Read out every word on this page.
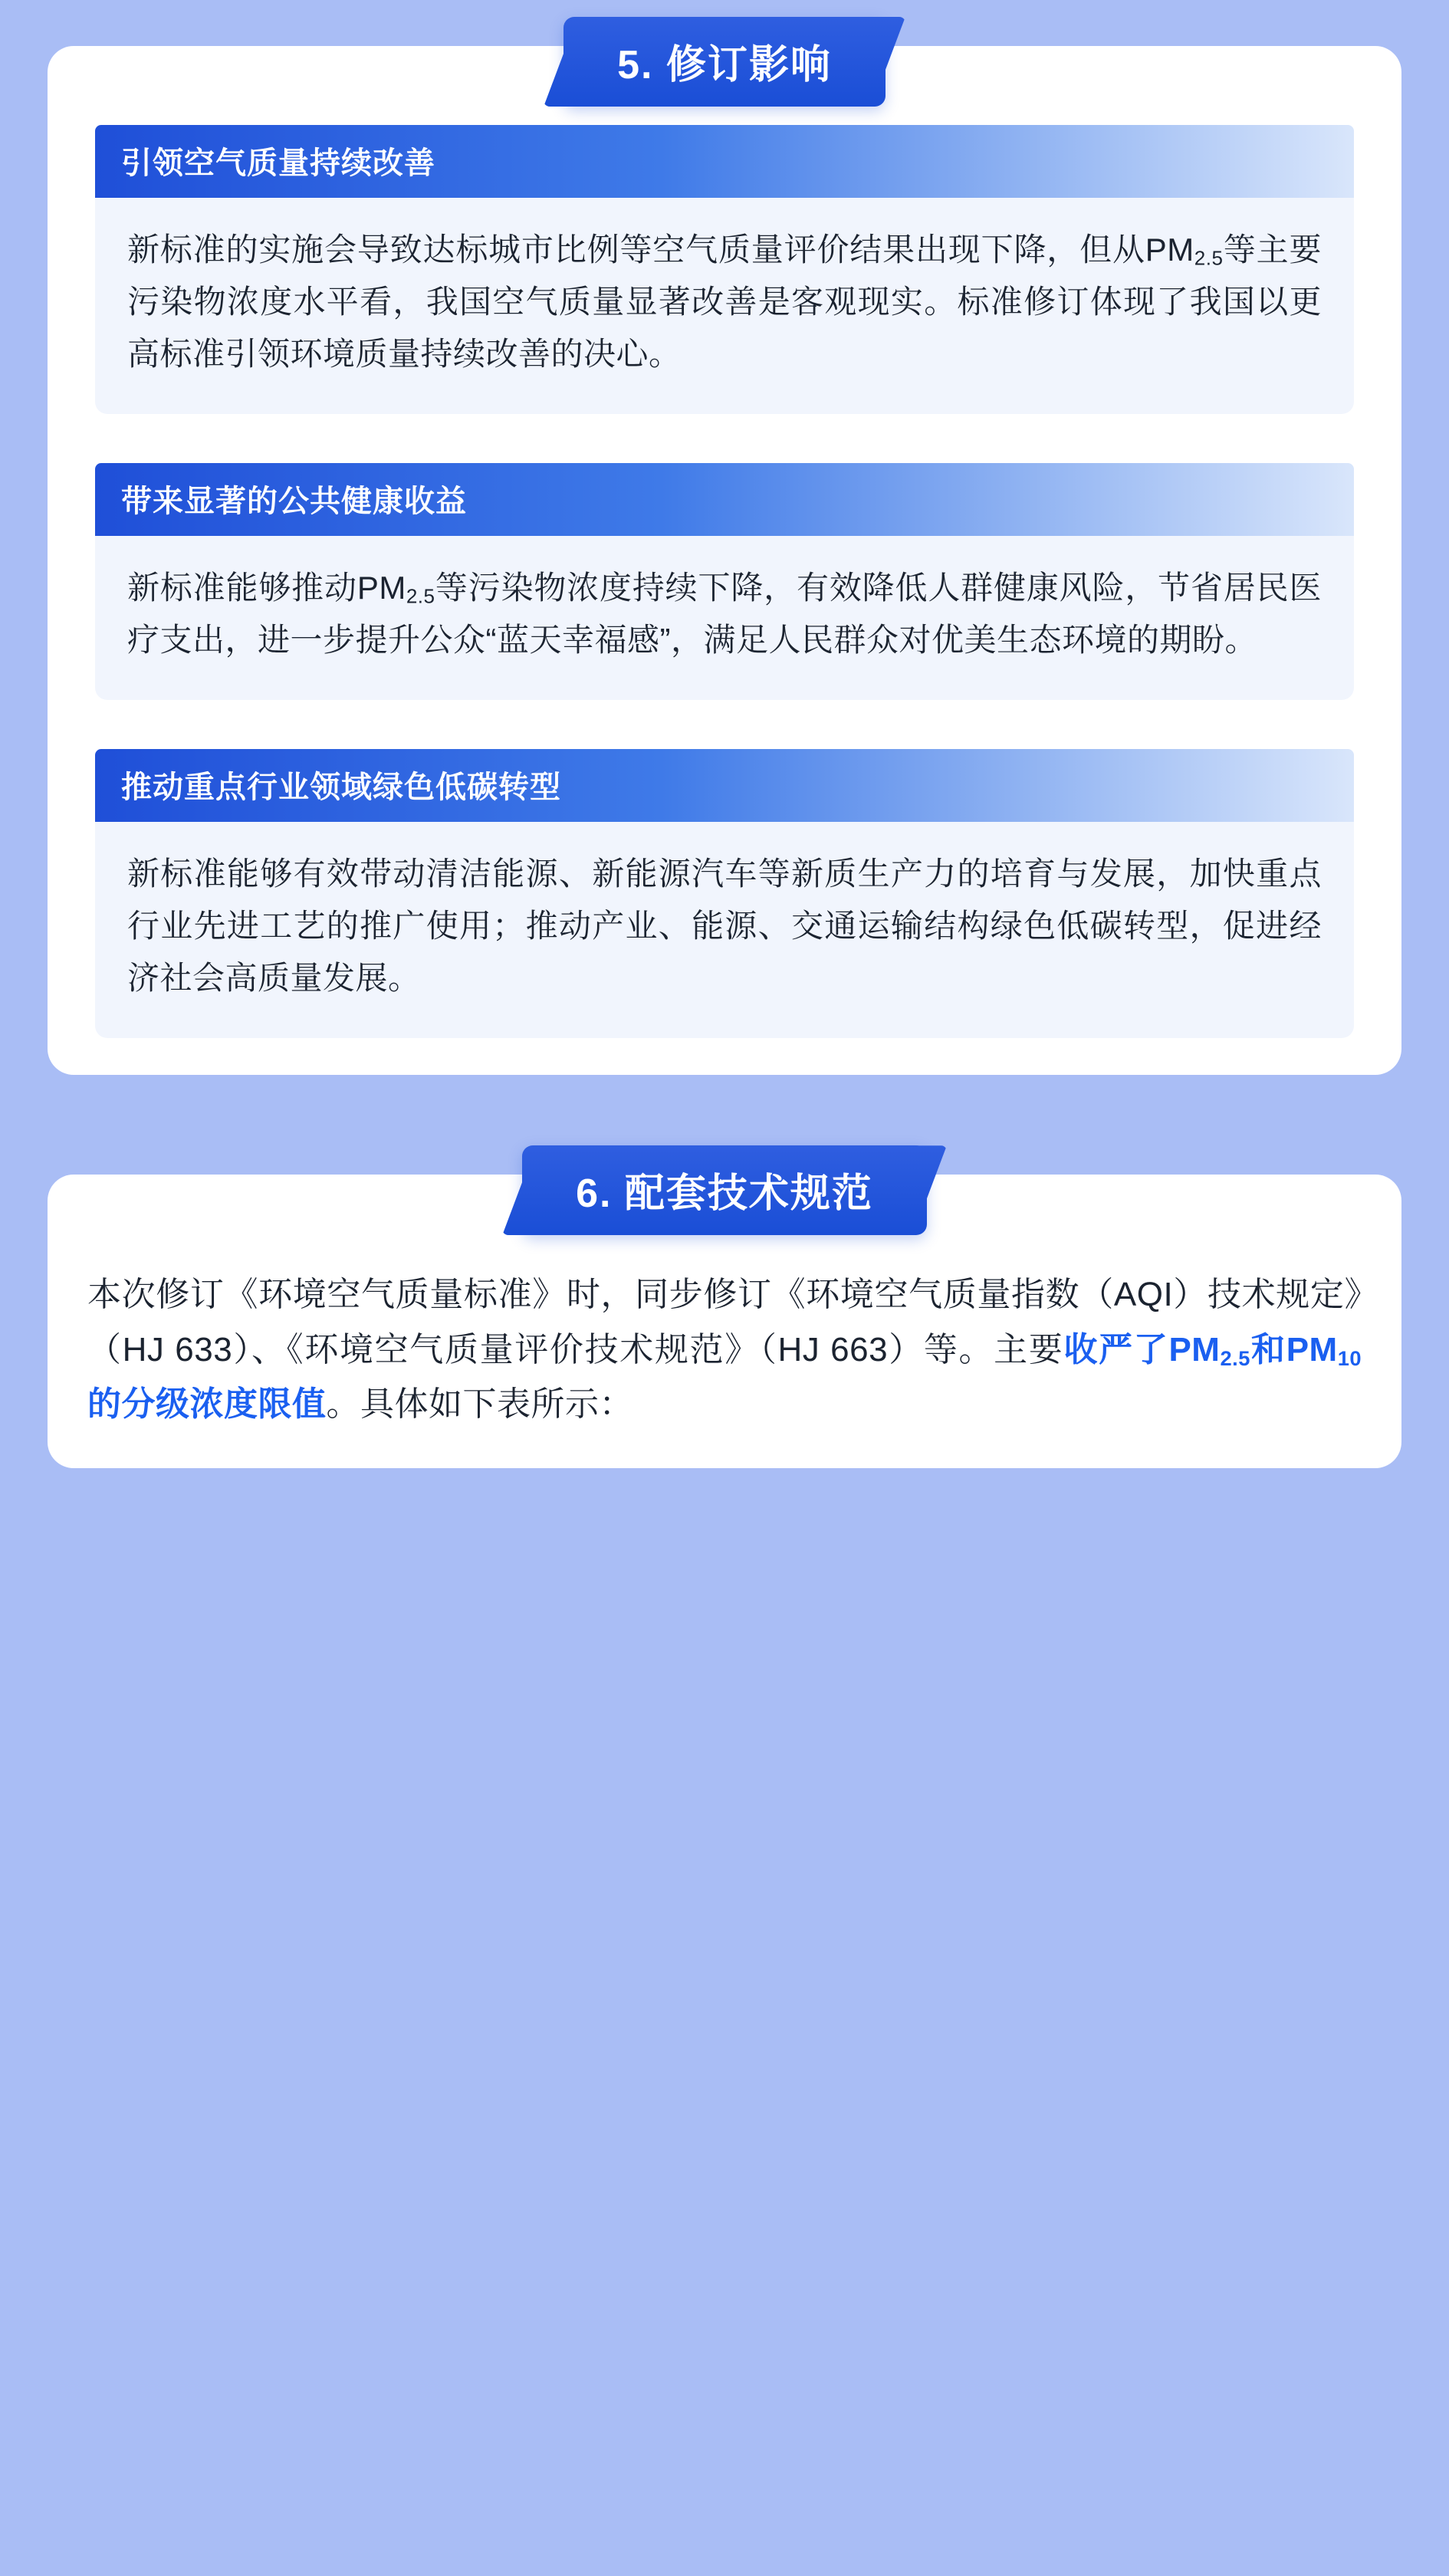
5. 修订影响
引领空气质量持续改善
新标准的实施会导致达标城市比例等空气质量评价结果出现下降，但从$PM_{2.5}$等主要污染物浓度水平看，我国空气质量显著改善是客观现实。标准修订体现了我国以更高标准引领环境质量持续改善的决心。
带来显著的公共健康收益
新标准能够推动$PM_{2.5}$等污染物浓度持续下降，有效降低人群健康风险，节省居民医疗支出，进一步提升公众“蓝天幸福感”，满足人民群众对优美生态环境的期盼。
推动重点行业领域绿色低碳转型
新标准能够有效带动清洁能源、新能源汽车等新质生产力的培育与发展，加快重点行业先进工艺的推广使用；推动产业、能源、交通运输结构绿色低碳转型，促进经济社会高质量发展。
6. 配套技术规范
本次修订《环境空气质量标准》时，同步修订《环境空气质量指数（AQI）技术规定》（HJ 633）、《环境空气质量评价技术规范》（HJ 663）等。主要收严了$PM_{2.5}$和$PM_{10}$的分级浓度限值。具体如下表所示：
